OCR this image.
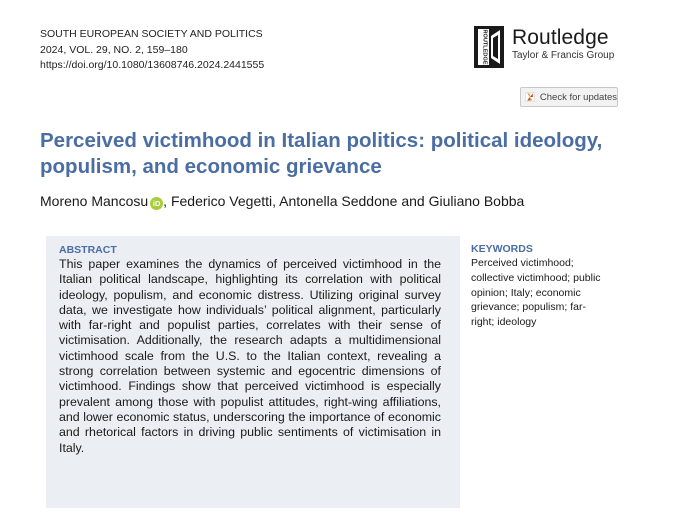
SOUTH EUROPEAN SOCIETY AND POLITICS
2024, VOL. 29, NO. 2, 159–180
https://doi.org/10.1080/13608746.2024.2441555
ROUTLEDGE Routledge
Taylor & Francis Group
Check for updates
Perceived victimhood in Italian politics: political ideology, populism, and economic grievance
Moreno Mancosu iD , Federico Vegetti, Antonella Seddone and Giuliano Bobba
ABSTRACT
This paper examines the dynamics of perceived victimhood in the Italian political landscape, highlighting its correlation with political ideology, populism, and economic distress. Utilizing original survey data, we investigate how individuals’ political alignment, particularly with far-right and populist parties, correlates with their sense of victimisation. Additionally, the research adapts a multidimensional victimhood scale from the U.S. to the Italian context, revealing a strong correlation between systemic and egocentric dimensions of victimhood. Findings show that perceived victimhood is especially prevalent among those with populist attitudes, right-wing affiliations, and lower economic status, underscoring the importance of economic and rhetorical factors in driving public sentiments of victimisation in Italy.
KEYWORDS
Perceived victimhood; collective victimhood; public opinion; Italy; economic grievance; populism; far-right; ideology
